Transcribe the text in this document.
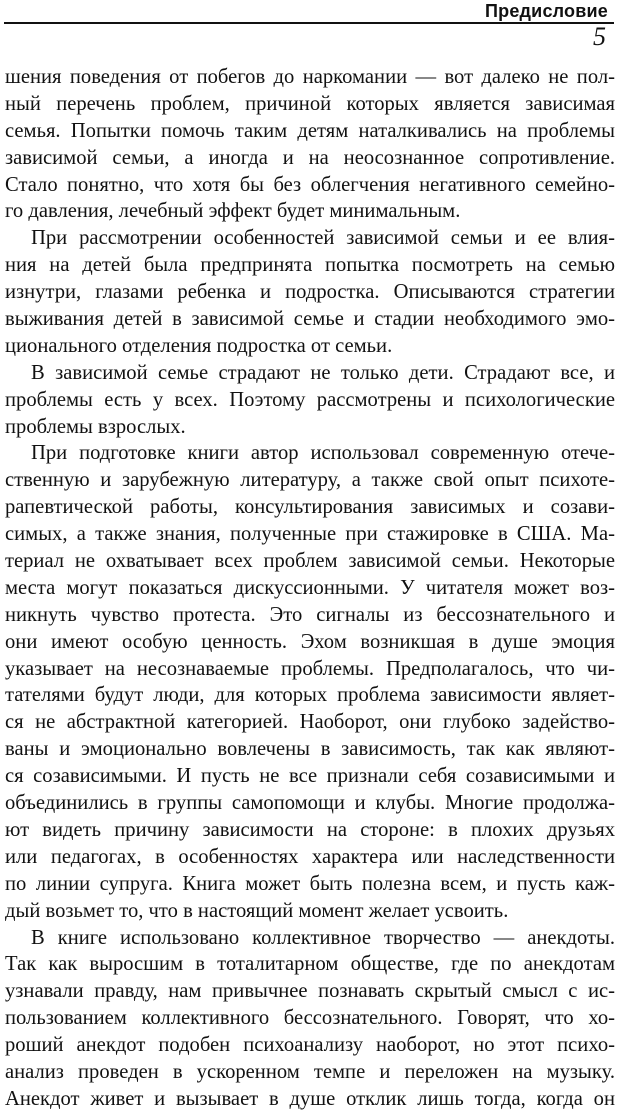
Предисловие
5
шения поведения от побегов до наркомании — вот далеко не пол-
ный перечень проблем, причиной которых является зависимая
семья. Попытки помочь таким детям наталкивались на проблемы
зависимой семьи, а иногда и на неосознанное сопротивление.
Стало понятно, что хотя бы без облегчения негативного семейно-
го давления, лечебный эффект будет минимальным.
При рассмотрении особенностей зависимой семьи и ее влия-
ния на детей была предпринята попытка посмотреть на семью
изнутри, глазами ребенка и подростка. Описываются стратегии
выживания детей в зависимой семье и стадии необходимого эмо-
ционального отделения подростка от семьи.
В зависимой семье страдают не только дети. Страдают все, и
проблемы есть у всех. Поэтому рассмотрены и психологические
проблемы взрослых.
При подготовке книги автор использовал современную отече-
ственную и зарубежную литературу, а также свой опыт психоте-
рапевтической работы, консультирования зависимых и созави-
симых, а также знания, полученные при стажировке в США. Ма-
териал не охватывает всех проблем зависимой семьи. Некоторые
места могут показаться дискуссионными. У читателя может воз-
никнуть чувство протеста. Это сигналы из бессознательного и
они имеют особую ценность. Эхом возникшая в душе эмоция
указывает на несознаваемые проблемы. Предполагалось, что чи-
тателями будут люди, для которых проблема зависимости являет-
ся не абстрактной категорией. Наоборот, они глубоко задейство-
ваны и эмоционально вовлечены в зависимость, так как являют-
ся созависимыми. И пусть не все признали себя созависимыми и
объединились в группы самопомощи и клубы. Многие продолжа-
ют видеть причину зависимости на стороне: в плохих друзьях
или педагогах, в особенностях характера или наследственности
по линии супруга. Книга может быть полезна всем, и пусть каж-
дый возьмет то, что в настоящий момент желает усвоить.
В книге использовано коллективное творчество — анекдоты.
Так как выросшим в тоталитарном обществе, где по анекдотам
узнавали правду, нам привычнее познавать скрытый смысл с ис-
пользованием коллективного бессознательного. Говорят, что хо-
роший анекдот подобен психоанализу наоборот, но этот психо-
анализ проведен в ускоренном темпе и переложен на музыку.
Анекдот живет и вызывает в душе отклик лишь тогда, когда он
